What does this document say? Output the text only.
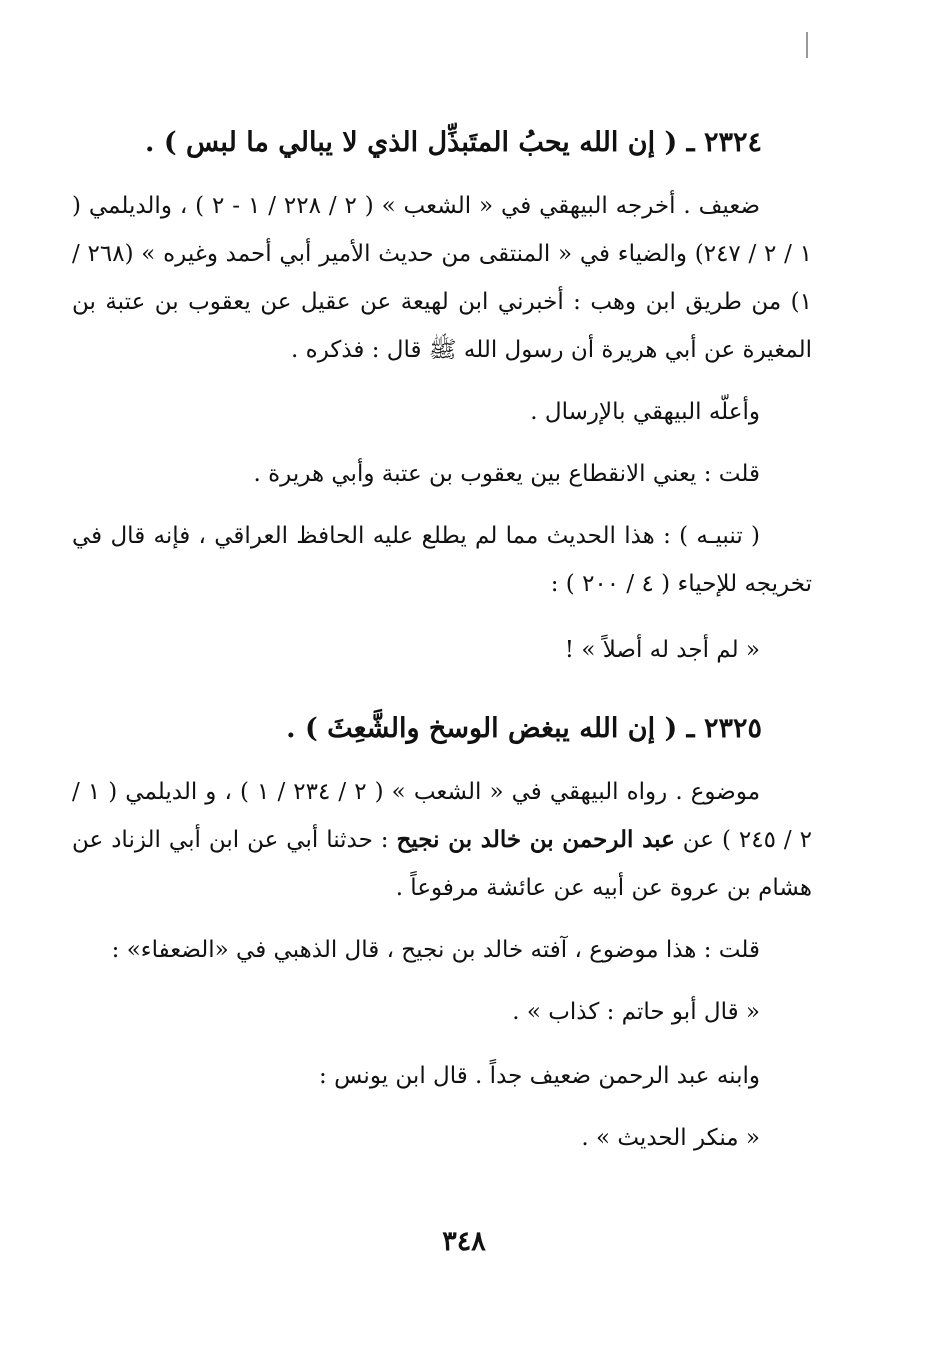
٢٣٢٤ ـ ( إن الله يحبُ المتَبذِّل الذي لا يبالي ما لبس ) .

ضعيف . أخرجه البيهقي في « الشعب » ( ٢ / ٢٢٨ / ١ - ٢ ) ، والديلمي ( ١ / ٢ / ٢٤٧) والضياء في « المنتقى من حديث الأمير أبي أحمد وغيره » (٢٦٨ / ١) من طريق ابن وهب : أخبرني ابن لهيعة عن عقيل عن يعقوب بن عتبة بن المغيرة عن أبي هريرة أن رسول الله ﷺ قال : فذكره .

وأعلّه البيهقي بالإرسال .

قلت : يعني الانقطاع بين يعقوب بن عتبة وأبي هريرة .

( تنبيـه ) : هذا الحديث مما لم يطلع عليه الحافظ العراقي ، فإنه قال في تخريجه للإحياء ( ٤ / ٢٠٠ ) :

« لم أجد له أصلاً » !

٢٣٢٥ ـ ( إن الله يبغض الوسخ والشَّعِثَ ) .

موضوع . رواه البيهقي في « الشعب » ( ٢ / ٢٣٤ / ١ ) ، و الديلمي ( ١ / ٢ / ٢٤٥ ) عن عبد الرحمن بن خالد بن نجيح : حدثنا أبي عن ابن أبي الزناد عن هشام بن عروة عن أبيه عن عائشة مرفوعاً .

قلت : هذا موضوع ، آفته خالد بن نجيح ، قال الذهبي في «الضعفاء» :

« قال أبو حاتم : كذاب » .

وابنه عبد الرحمن ضعيف جداً . قال ابن يونس :

« منكر الحديث » .

٣٤٨
